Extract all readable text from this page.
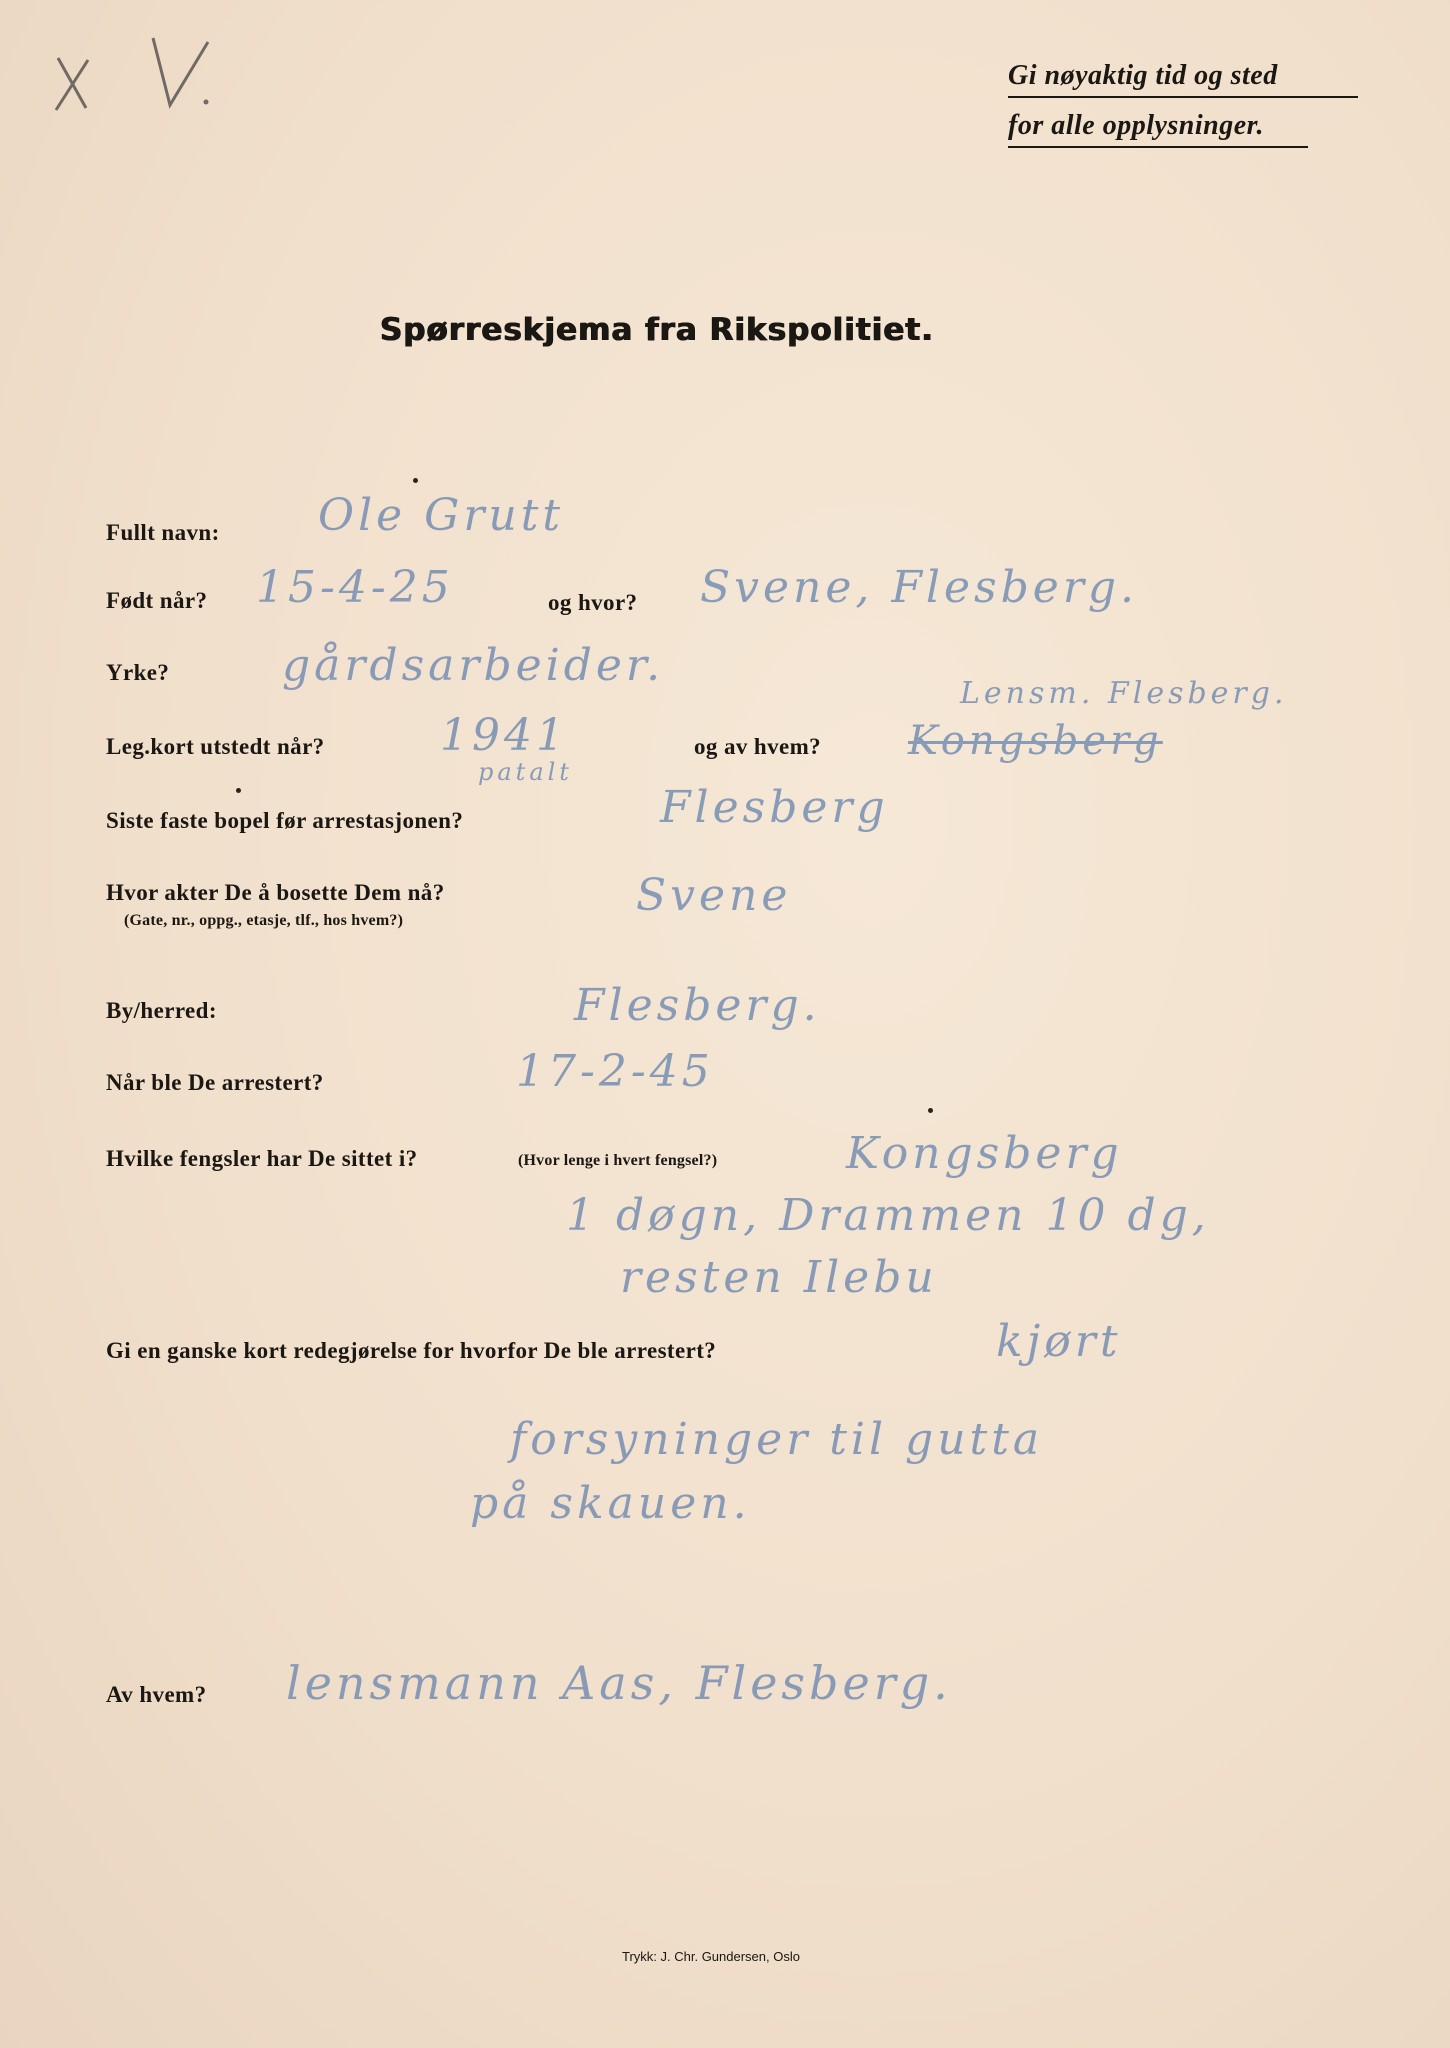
Gi nøyaktig tid og sted
for alle opplysninger.
Spørreskjema fra Rikspolitiet.
Fullt navn: Ole Grutt
Født når? 15-4-25	og hvor? Svene, Flesberg.
Yrke?	gårdsarbeider.
Leg.kort utstedt når?	1941	og av hvem? Kongsberg
Lensm. Flesberg.
patalt
Siste faste bopel før arrestasjonen?	Flesberg
Hvor akter De å bosette Dem nå?
(Gate, nr., oppg., etasje, tlf., hos hvem?)	Svene
By/herred:	Flesberg.
Når ble De arrestert?	17-2-45
Hvilke fengsler har De sittet i?	(Hvor lenge i hvert fengsel?)	Kongsberg
1 døgn, Drammen 10 dg,
resten Ilebu
Gi en ganske kort redegjørelse for hvorfor De ble arrestert?	kjørt
forsyninger til gutta
på skauen.
Av hvem? lensmann Aas, Flesberg.
Trykk: J. Chr. Gundersen, Oslo
